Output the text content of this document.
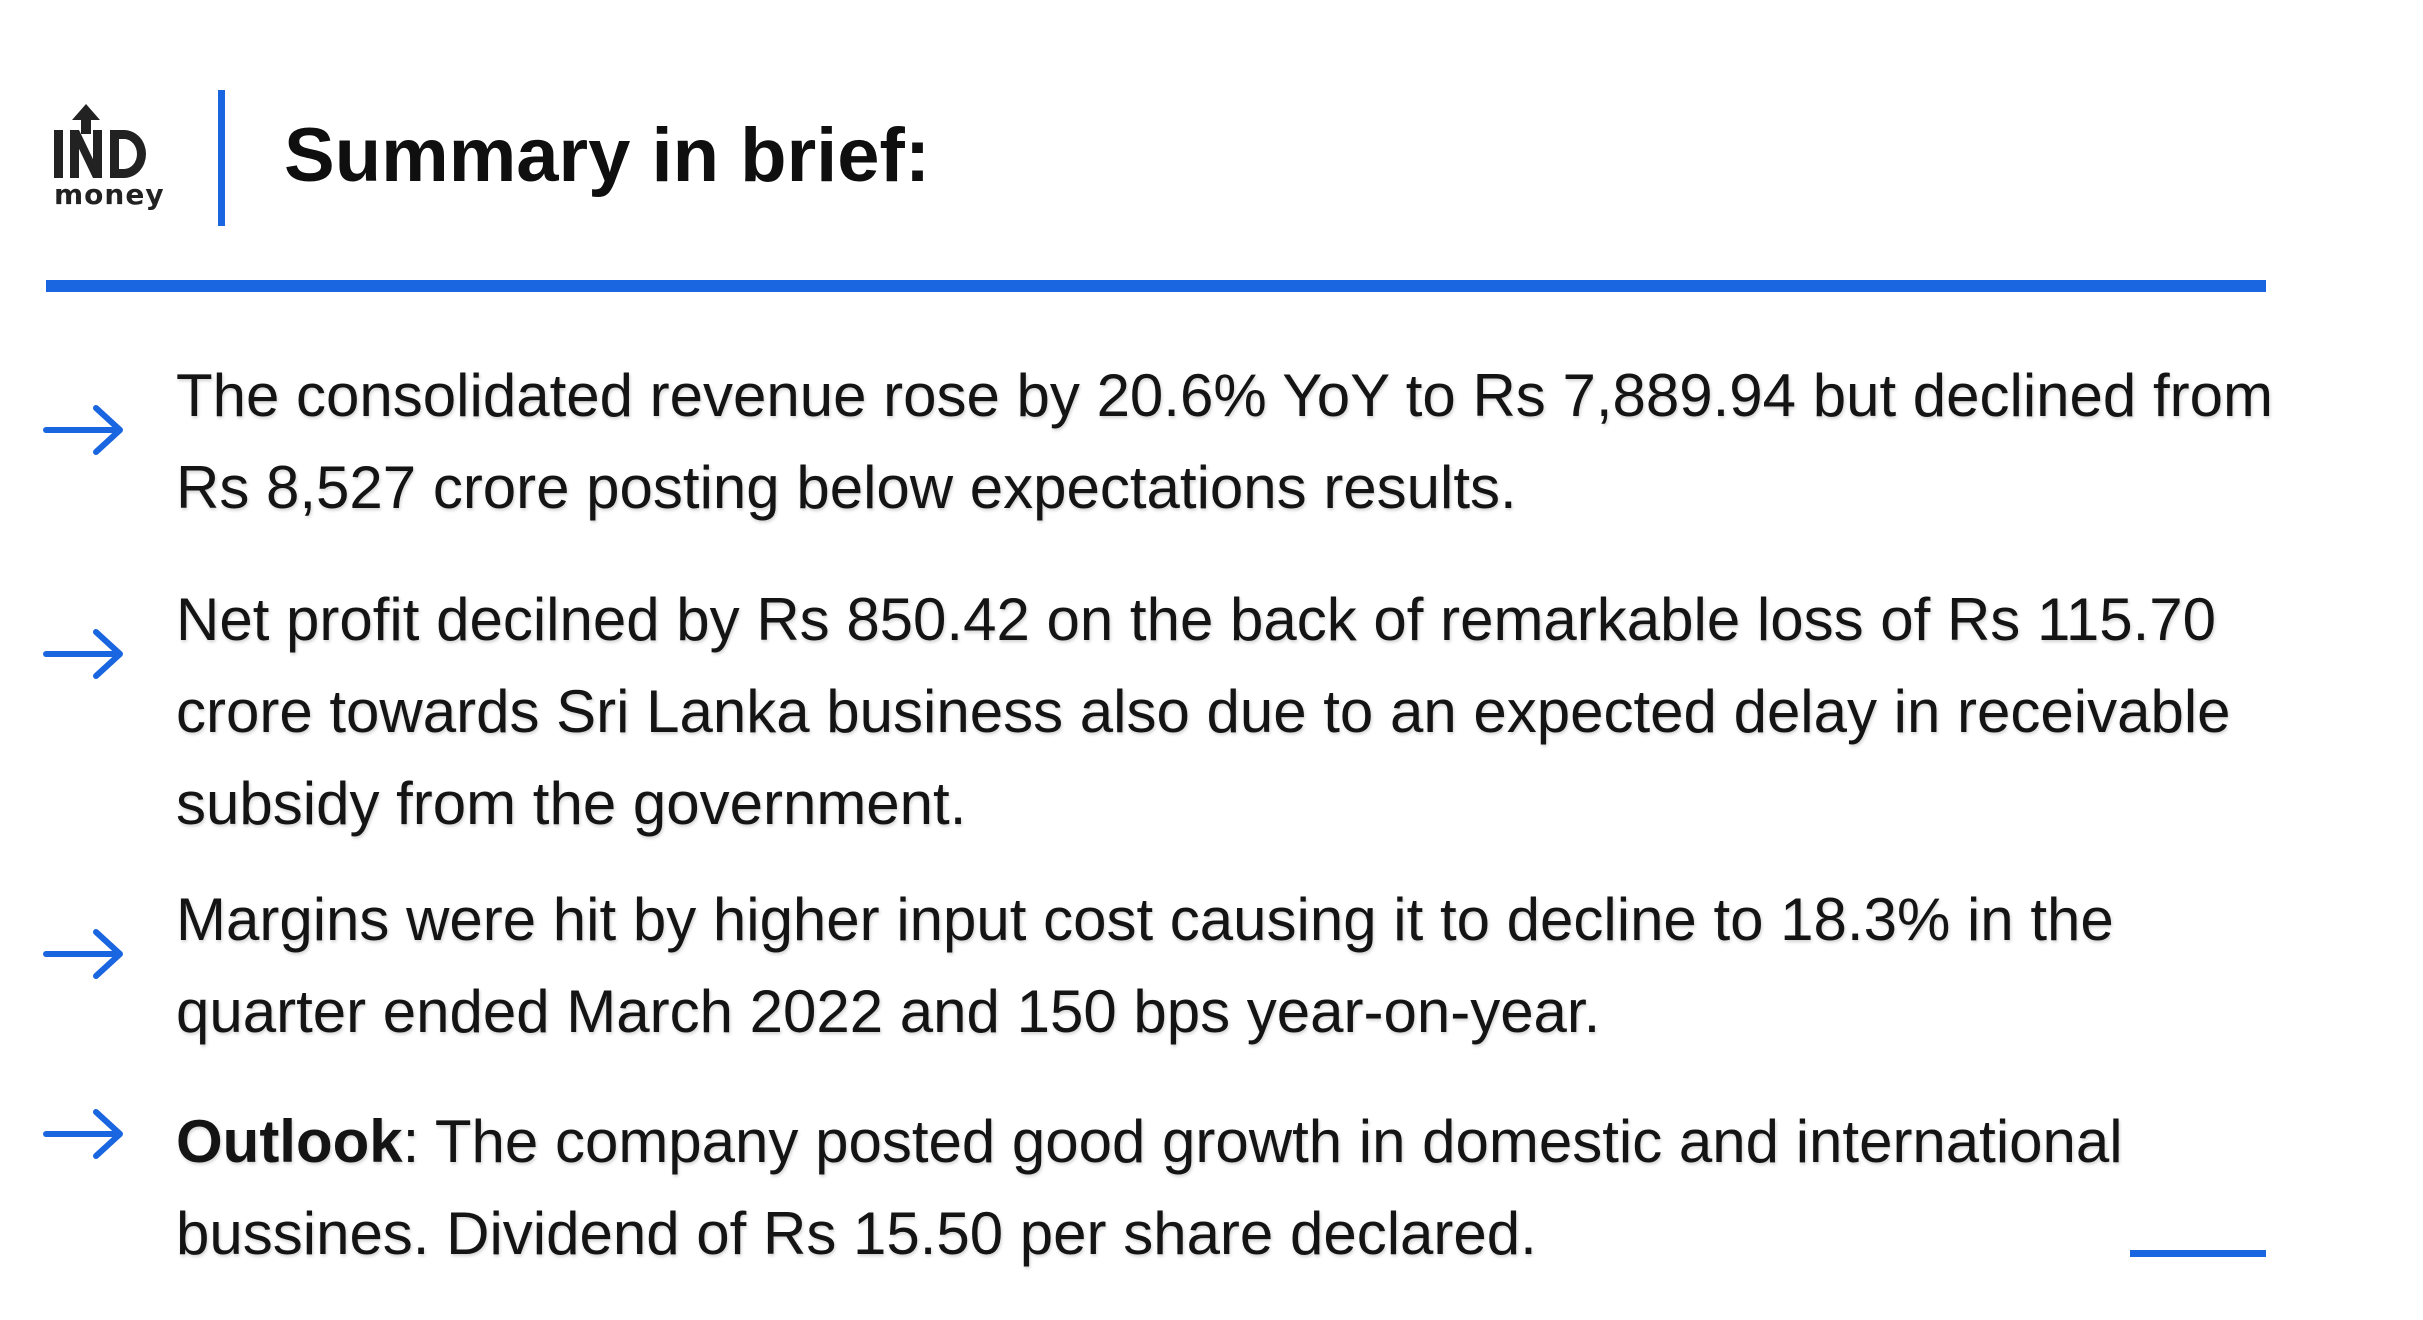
money Summary in brief:
The consolidated revenue rose by 20.6% YoY to Rs 7,889.94 but declined from Rs 8,527 crore posting below expectations results.
Net profit decilned by Rs 850.42 on the back of remarkable loss of Rs 115.70 crore towards Sri Lanka business also due to an expected delay in receivable subsidy from the government.
Margins were hit by higher input cost causing it to decline to 18.3% in the quarter ended March 2022 and 150 bps year-on-year.
Outlook: The company posted good growth in domestic and international bussines. Dividend of Rs 15.50 per share declared.
